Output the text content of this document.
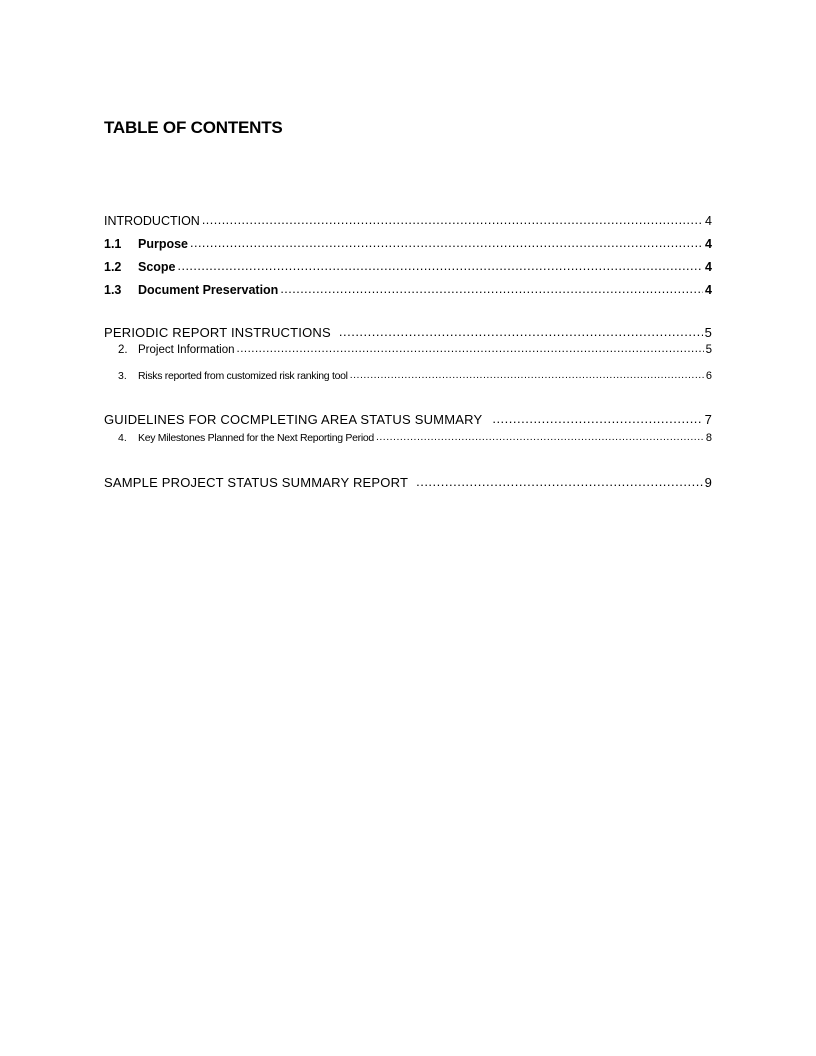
TABLE OF CONTENTS
INTRODUCTION .....	4
1.1	Purpose .....	4
1.2	Scope .....	4
1.3	Document Preservation .....	4
PERIODIC REPORT INSTRUCTIONS .....	5
2. Project Information .....	5
3.	Risks reported from customized risk ranking tool .....	6
GUIDELINES FOR COCMPLETING AREA STATUS SUMMARY .....	7
4.	Key Milestones Planned for the Next Reporting Period .....	8
SAMPLE PROJECT STATUS SUMMARY REPORT .....	9
